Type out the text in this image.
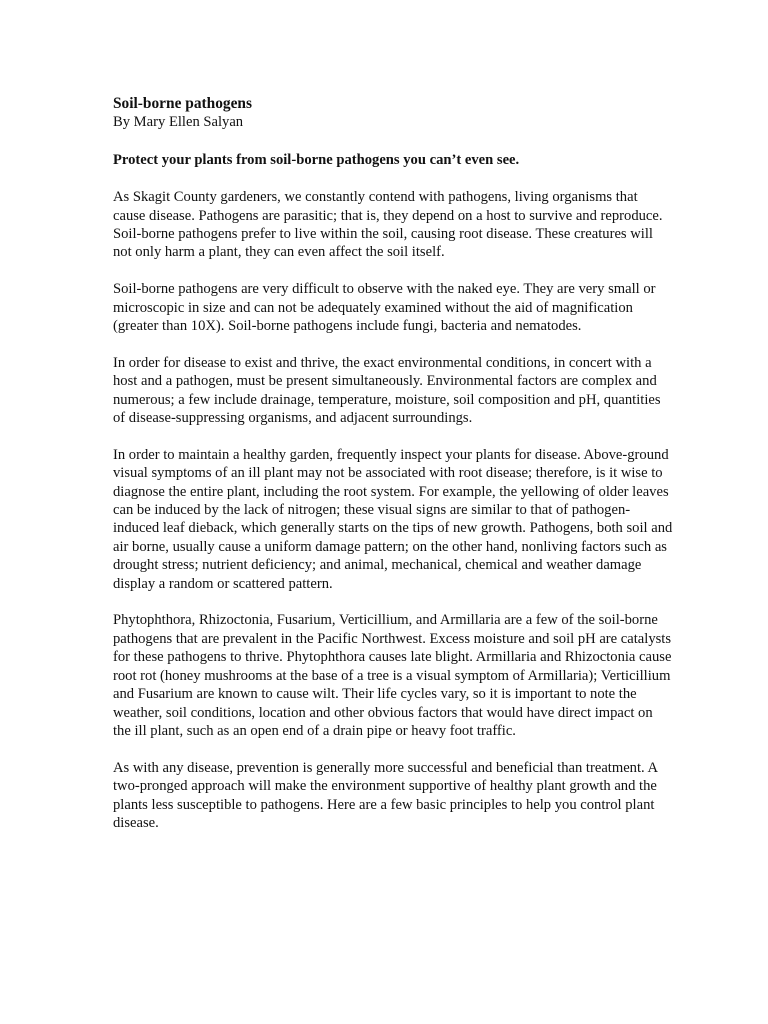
Soil-borne pathogens

By Mary Ellen Salyan

Protect your plants from soil-borne pathogens you can’t even see.

As Skagit County gardeners, we constantly contend with pathogens, living organisms that cause disease. Pathogens are parasitic; that is, they depend on a host to survive and reproduce. Soil-borne pathogens prefer to live within the soil, causing root disease. These creatures will not only harm a plant, they can even affect the soil itself.

Soil-borne pathogens are very difficult to observe with the naked eye. They are very small or microscopic in size and can not be adequately examined without the aid of magnification (greater than 10X). Soil-borne pathogens include fungi, bacteria and nematodes.

In order for disease to exist and thrive, the exact environmental conditions, in concert with a host and a pathogen, must be present simultaneously. Environmental factors are complex and numerous; a few include drainage, temperature, moisture, soil composition and pH, quantities of disease-suppressing organisms, and adjacent surroundings.

In order to maintain a healthy garden, frequently inspect your plants for disease. Above-ground visual symptoms of an ill plant may not be associated with root disease; therefore, is it wise to diagnose the entire plant, including the root system. For example, the yellowing of older leaves can be induced by the lack of nitrogen; these visual signs are similar to that of pathogen-induced leaf dieback, which generally starts on the tips of new growth. Pathogens, both soil and air borne, usually cause a uniform damage pattern; on the other hand, nonliving factors such as drought stress; nutrient deficiency; and animal, mechanical, chemical and weather damage display a random or scattered pattern.

Phytophthora, Rhizoctonia, Fusarium, Verticillium, and Armillaria are a few of the soil-borne pathogens that are prevalent in the Pacific Northwest. Excess moisture and soil pH are catalysts for these pathogens to thrive. Phytophthora causes late blight. Armillaria and Rhizoctonia cause root rot (honey mushrooms at the base of a tree is a visual symptom of Armillaria); Verticillium and Fusarium are known to cause wilt. Their life cycles vary, so it is important to note the weather, soil conditions, location and other obvious factors that would have direct impact on the ill plant, such as an open end of a drain pipe or heavy foot traffic.

As with any disease, prevention is generally more successful and beneficial than treatment. A two-pronged approach will make the environment supportive of healthy plant growth and the plants less susceptible to pathogens. Here are a few basic principles to help you control plant disease.
